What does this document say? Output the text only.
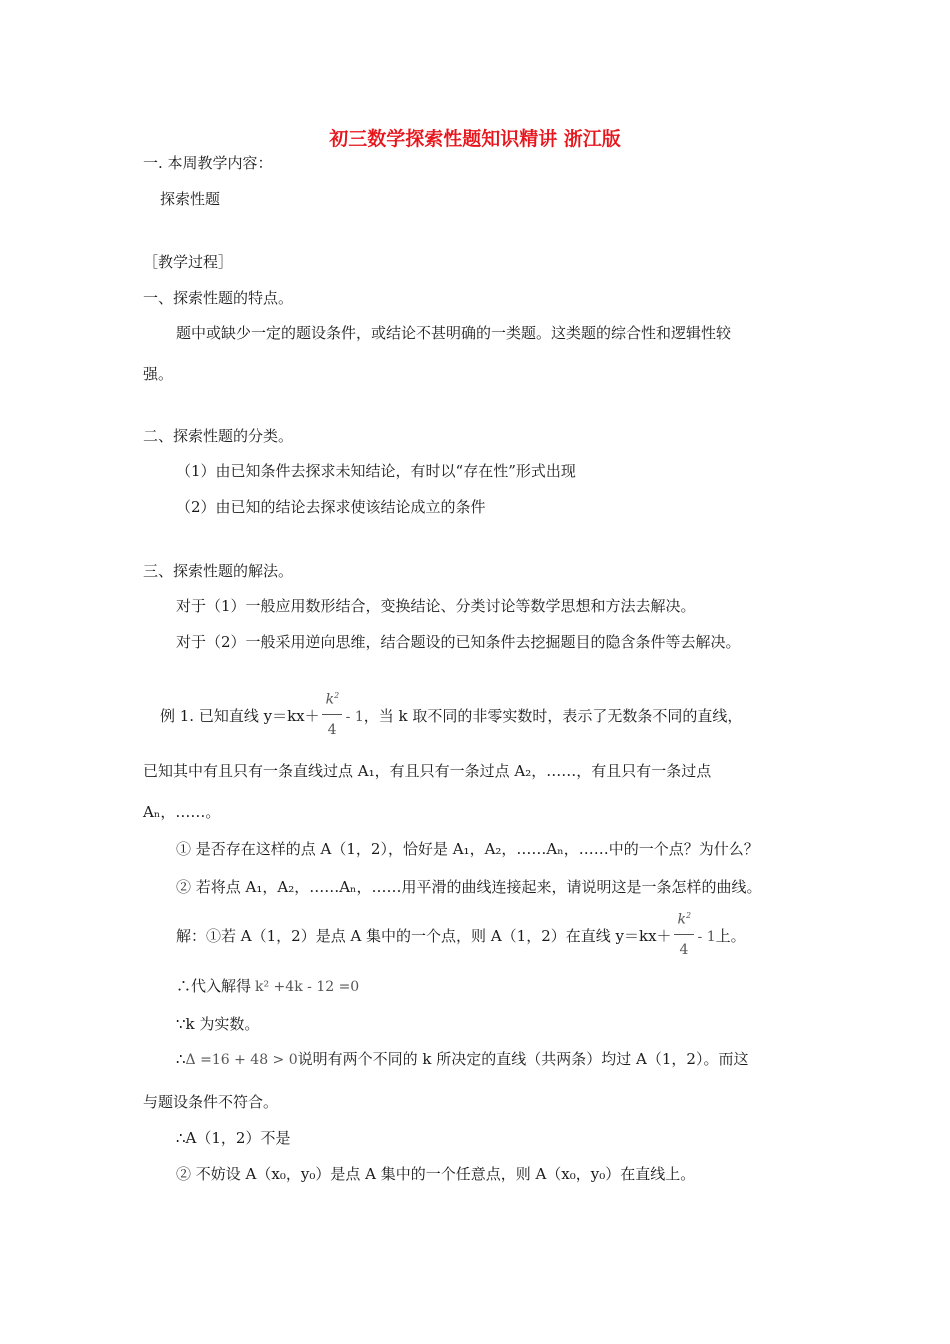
初三数学探索性题知识精讲 浙江版
一. 本周教学内容：
探索性题
［教学过程］
一、探索性题的特点。
题中或缺少一定的题设条件，或结论不甚明确的一类题。这类题的综合性和逻辑性较
强。
二、探索性题的分类。
（1）由已知条件去探求未知结论，有时以“存在性”形式出现
（2）由已知的结论去探求使该结论成立的条件
三、探索性题的解法。
对于（1）一般应用数形结合，变换结论、分类讨论等数学思想和方法去解决。
对于（2）一般采用逆向思维，结合题设的已知条件去挖掘题目的隐含条件等去解决。
例 1. 已知直线 $y=kx+ \frac{k^2}{4} - 1$，当 k 取不同的非零实数时，表示了无数条不同的直线，
已知其中有且只有一条直线过点 A₁，有且只有一条过点 A₂，……，有且只有一条过点
Aₙ，……。
① 是否存在这样的点 A（1，2），恰好是 A₁，A₂，……Aₙ，……中的一个点？为什么？
② 若将点 A₁，A₂，……Aₙ，……用平滑的曲线连接起来，请说明这是一条怎样的曲线。
解：①若 A（1，2）是点 A 集中的一个点，则 A（1，2）在直线 $y=kx+ \frac{k^2}{4} - 1$上。
∴代入解得 k² +4k - 12 =0
∵k 为实数。
∴Δ =16 + 48 > 0说明有两个不同的 k 所决定的直线（共两条）均过 A（1，2）。而这
与题设条件不符合。
∴A（1，2）不是
② 不妨设 A（x₀，y₀）是点 A 集中的一个任意点，则 A（x₀，y₀）在直线上。
